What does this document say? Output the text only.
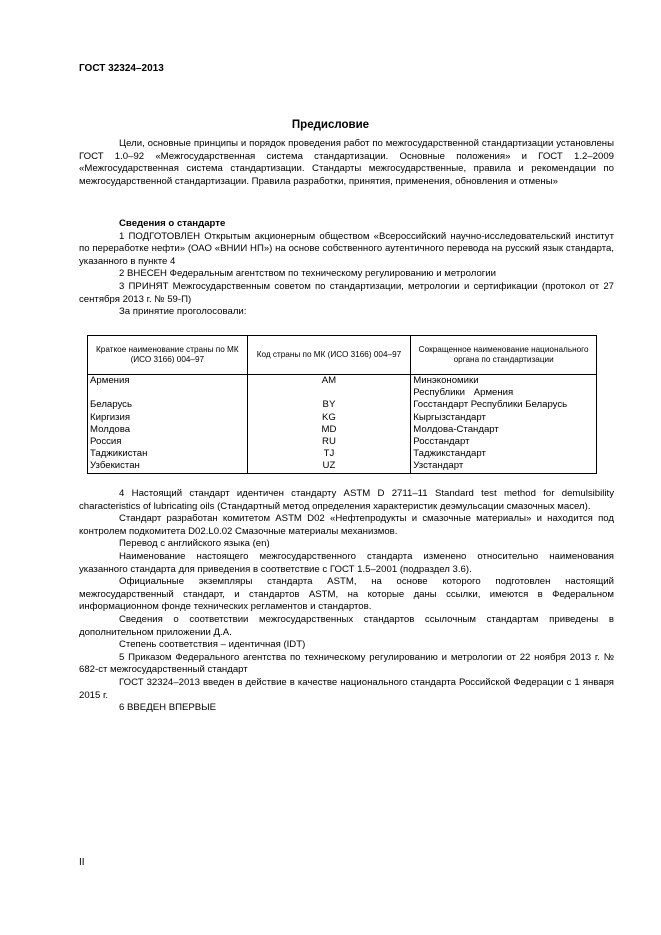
ГОСТ 32324–2013
Предисловие

Цели, основные принципы и порядок проведения работ по межгосударственной стандартизации установлены ГОСТ 1.0–92 «Межгосударственная система стандартизации. Основные положения» и ГОСТ 1.2–2009 «Межгосударственная система стандартизации. Стандарты межгосударственные, правила и рекомендации по межгосударственной стандартизации. Правила разработки, принятия, применения, обновления и отмены»

Сведения о стандарте

1 ПОДГОТОВЛЕН Открытым акционерным обществом «Всероссийский научно-исследовательский институт по переработке нефти» (ОАО «ВНИИ НП») на основе собственного аутентичного перевода на русский язык стандарта, указанного в пункте 4

2 ВНЕСЕН Федеральным агентством по техническому регулированию и метрологии

3 ПРИНЯТ Межгосударственным советом по стандартизации, метрологии и сертификации (протокол от 27 сентября 2013 г. № 59-П)

За принятие проголосовали:

Краткое наименование страны по МК (ИСО 3166) 004–97	Код страны по МК (ИСО 3166) 004–97	Сокращенное наименование национального органа по стандартизации
Армения	AM	Минэкономики
Республики Армения

Беларусь	BY	Госстандарт Республики Беларусь
Киргизия	KG	Кыргызстандарт
Молдова	MD	Молдова-Стандарт
Россия	RU	Росстандарт
Таджикистан	TJ	Таджикстандарт
Узбекистан	UZ	Узстандарт

4 Настоящий стандарт идентичен стандарту ASTM D 2711–11 Standard test method for demulsibility characteristics of lubricating oils (Стандартный метод определения характеристик деэмульсации смазочных масел).

Стандарт разработан комитетом ASTM D02 «Нефтепродукты и смазочные материалы» и находится под контролем подкомитета D02.L0.02 Смазочные материалы механизмов.

Перевод с английского языка (en)

Наименование настоящего межгосударственного стандарта изменено относительно наименования указанного стандарта для приведения в соответствие с ГОСТ 1.5–2001 (подраздел 3.6).

Официальные экземпляры стандарта ASTM, на основе которого подготовлен настоящий межгосударственный стандарт, и стандартов ASTM, на которые даны ссылки, имеются в Федеральном информационном фонде технических регламентов и стандартов.

Сведения о соответствии межгосударственных стандартов ссылочным стандартам приведены в дополнительном приложении Д.А.

Степень соответствия – идентичная (IDT)

5 Приказом Федерального агентства по техническому регулированию и метрологии от 22 ноября 2013 г. № 682-ст межгосударственный стандарт

ГОСТ 32324–2013 введен в действие в качестве национального стандарта Российской Федерации с 1 января 2015 г.

6 ВВЕДЕН ВПЕРВЫЕ

II
